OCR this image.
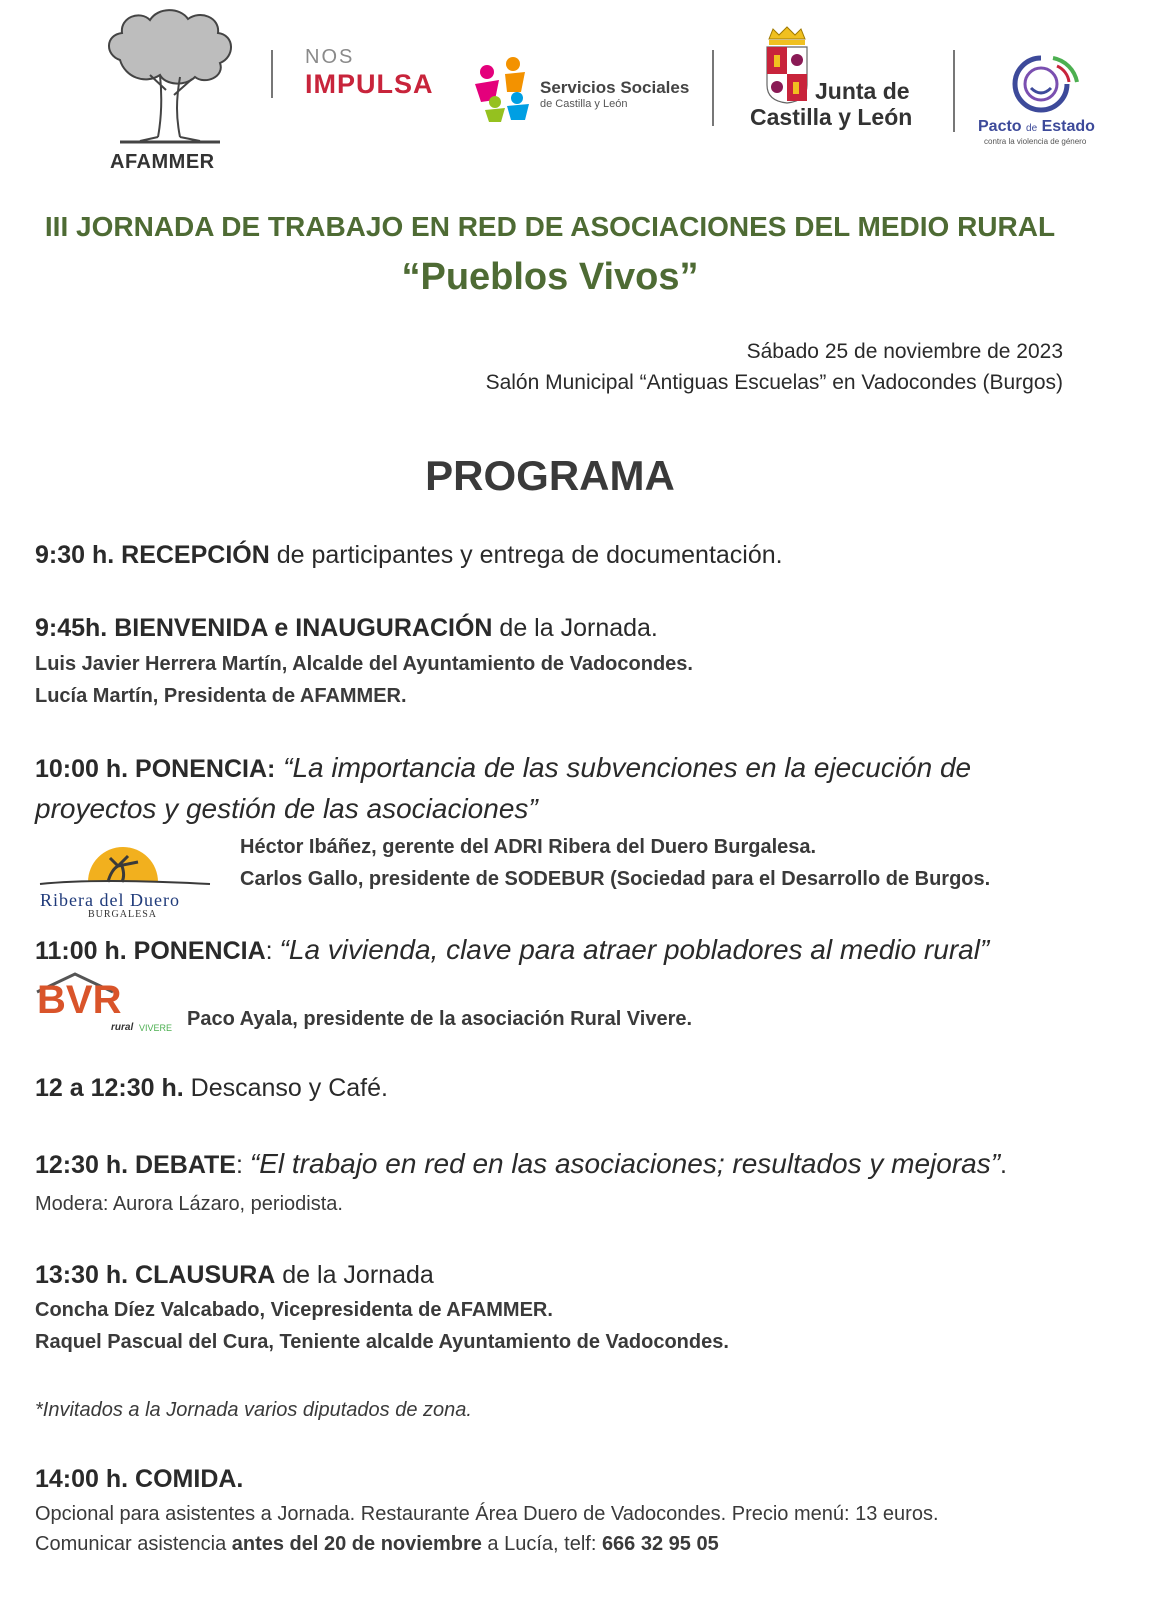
AFAMMER
NOS
IMPULSA	Servicios Sociales
de Castilla y León	Junta de
Castilla y León	Pacto de Estado
contra la violencia de género
III JORNADA DE TRABAJO EN RED DE ASOCIACIONES DEL MEDIO RURAL
“Pueblos Vivos”
Sábado 25 de noviembre de 2023
Salón Municipal “Antiguas Escuelas” en Vadocondes (Burgos)
PROGRAMA
9:30 h. RECEPCIÓN de participantes y entrega de documentación.
9:45h. BIENVENIDA e INAUGURACIÓN de la Jornada.
Luis Javier Herrera Martín, Alcalde del Ayuntamiento de Vadocondes.
Lucía Martín, Presidenta de AFAMMER.
10:00 h. PONENCIA: “La importancia de las subvenciones en la ejecución de
proyectos y gestión de las asociaciones”
Ribera del Duero
BURGALESA
Héctor Ibáñez, gerente del ADRI Ribera del Duero Burgalesa.
Carlos Gallo, presidente de SODEBUR (Sociedad para el Desarrollo de Burgos.
11:00 h. PONENCIA: “La vivienda, clave para atraer pobladores al medio rural”
BVR
rural VIVERE Paco Ayala, presidente de la asociación Rural Vivere.
12 a 12:30 h. Descanso y Café.
12:30 h. DEBATE: “El trabajo en red en las asociaciones; resultados y mejoras”.
Modera: Aurora Lázaro, periodista.
13:30 h. CLAUSURA de la Jornada
Concha Díez Valcabado, Vicepresidenta de AFAMMER.
Raquel Pascual del Cura, Teniente alcalde Ayuntamiento de Vadocondes.
*Invitados a la Jornada varios diputados de zona.
14:00 h. COMIDA.
Opcional para asistentes a Jornada. Restaurante Área Duero de Vadocondes. Precio menú: 13 euros.
Comunicar asistencia antes del 20 de noviembre a Lucía, telf: 666 32 95 05
